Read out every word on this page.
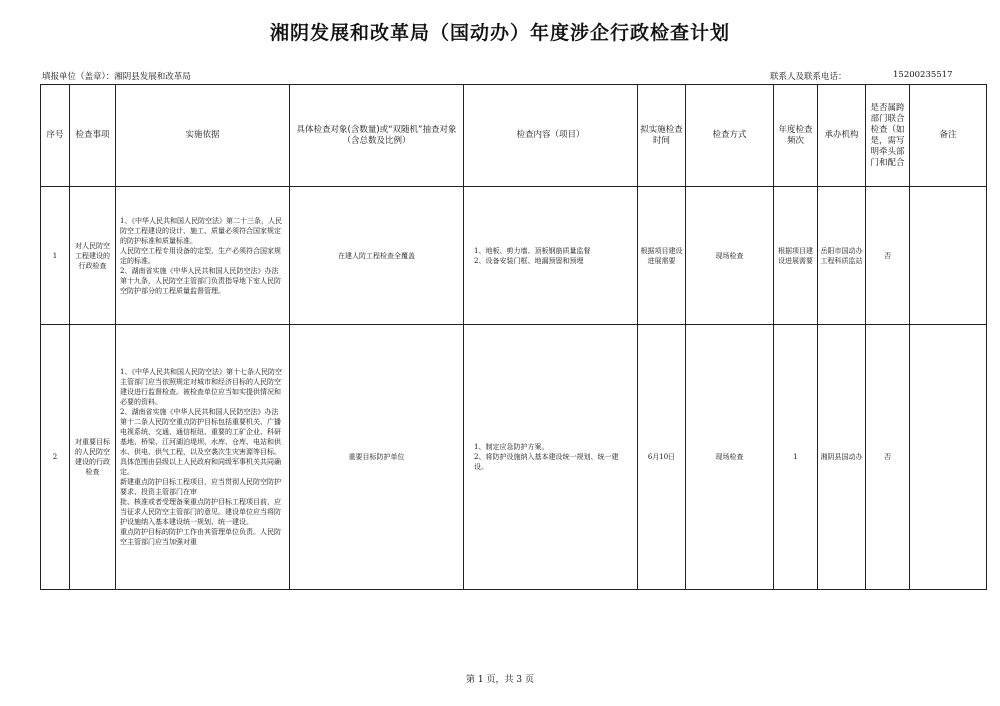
湘阴发展和改革局（国动办）年度涉企行政检查计划
填报单位（盖章）：湘阴县发展和改革局	联系人及联系电话：	15200235517
序号	检查事项	实施依据	具体检查对象(含数量)或“双随机”抽查对象（含总数及比例）	检查内容（项目）	拟实施检查时间	检查方式	年度检查频次	承办机构	是否属跨部门联合检查（如是，需写明牵头部门和配合	备注
1	对人民防空工程建设的行政检查	1、《中华人民共和国人民防空法》第二十三条，人民防空工程建设的设计、施工、质量必须符合国家规定的防护标准和质量标准。
人民防空工程专用设备的定型、生产必须符合国家规定的标准。
2、湖南省实施《中华人民共和国人民防空法》办法第十九条，人民防空主管部门负责指导地下室人民防空防护部分的工程质量监督管理。	在建人防工程检查全覆盖	1、地板、剪力墙、顶板钢筋质量监督
2、设备安装门框、地漏预留和预埋	根据项目建设进展需要	现场检查	根据项目建设进展需要	岳阳市国动办工程科质监站	否	
2	对重要目标的人民防空建设的行政检查	1、《中华人民共和国人民防空法》第十七条人民防空主管部门应当依照规定对城市和经济目标的人民防空建设进行监督检查。被检查单位应当如实提供情况和必要的资料。
2、湖南省实施《中华人民共和国人民防空法》办法第十二条人民防空重点防护目标包括重要机关、广播电视系统、交通、通信枢纽、重要的工矿企业、科研基地、桥梁、江河湖泊堤坝、水库、仓库、电站和供水、供电、供气工程，以及空袭次生灾害源等目标。具体范围由县级以上人民政府和同级军事机关共同确定。
新建重点防护目标工程项目，应当贯彻人民防空防护要求、投资主管部门在审
批、核准或者受理备案重点防护目标工程项目前，应当征求人民防空主管部门的意见。建设单位应当将防护设施纳入基本建设统一规划、统一建设。
重点防护目标的防护工作由其管理单位负责。人民防空主管部门应当加强对重	重要目标防护单位	1、制定应急防护方案。
2、将防护设施纳入基本建设统一规划、统一建设。	6月10日	现场检查	1	湘阴县国动办	否	
第 1 页，共 3 页
